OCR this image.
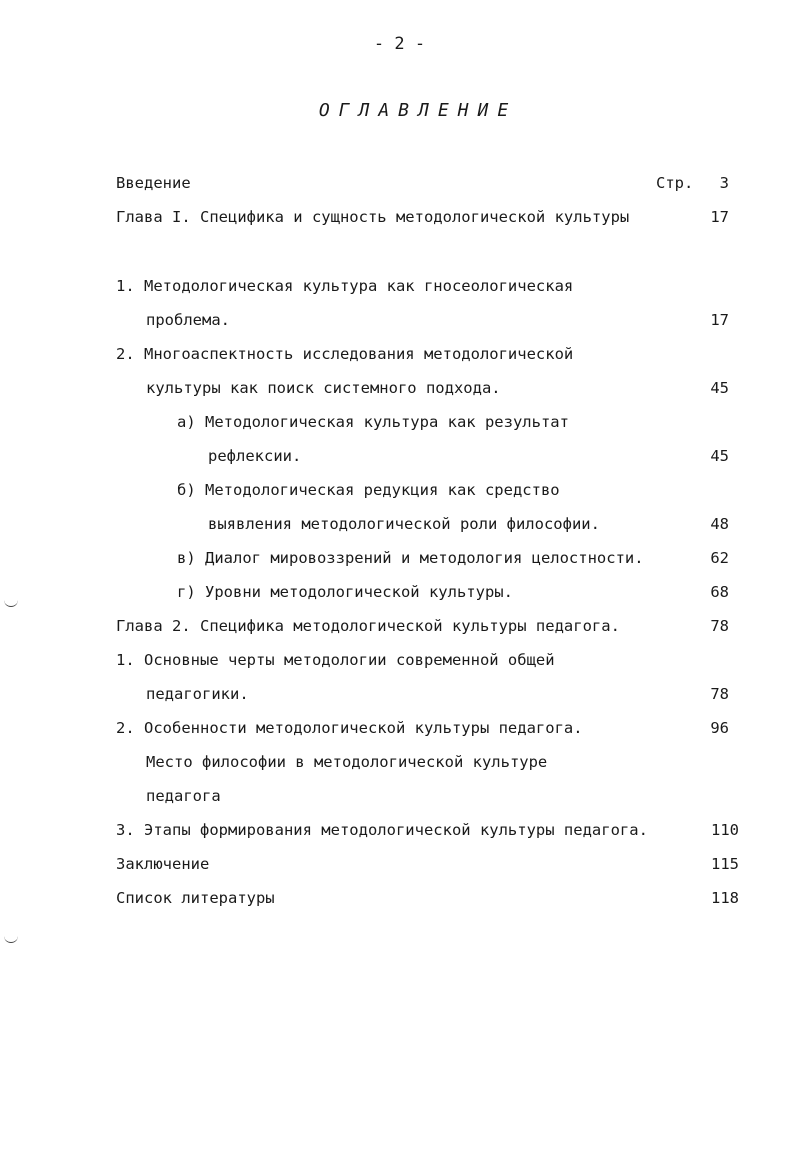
- 2 -
ОГЛАВЛЕНИЕ
Введение	Стр. 3
Глава I. Специфика и сущность методологической культуры	17
1. Методологическая культура как гносеологическая
проблема.	17
2. Многоаспектность исследования методологической
культуры как поиск системного подхода.	45
а) Методологическая культура как результат
рефлексии.	45
б) Методологическая редукция как средство
выявления методологической роли философии.	48
в) Диалог мировоззрений и методология целостности.	62
г) Уровни методологической культуры.	68
Глава 2. Специфика методологической культуры педагога.	78
1. Основные черты методологии современной общей
педагогики.	78
2. Особенности методологической культуры педагога.	96
Место философии в методологической культуре
педагога
3. Этапы формирования методологической культуры педагога.	110
Заключение	115
Список литературы	118
